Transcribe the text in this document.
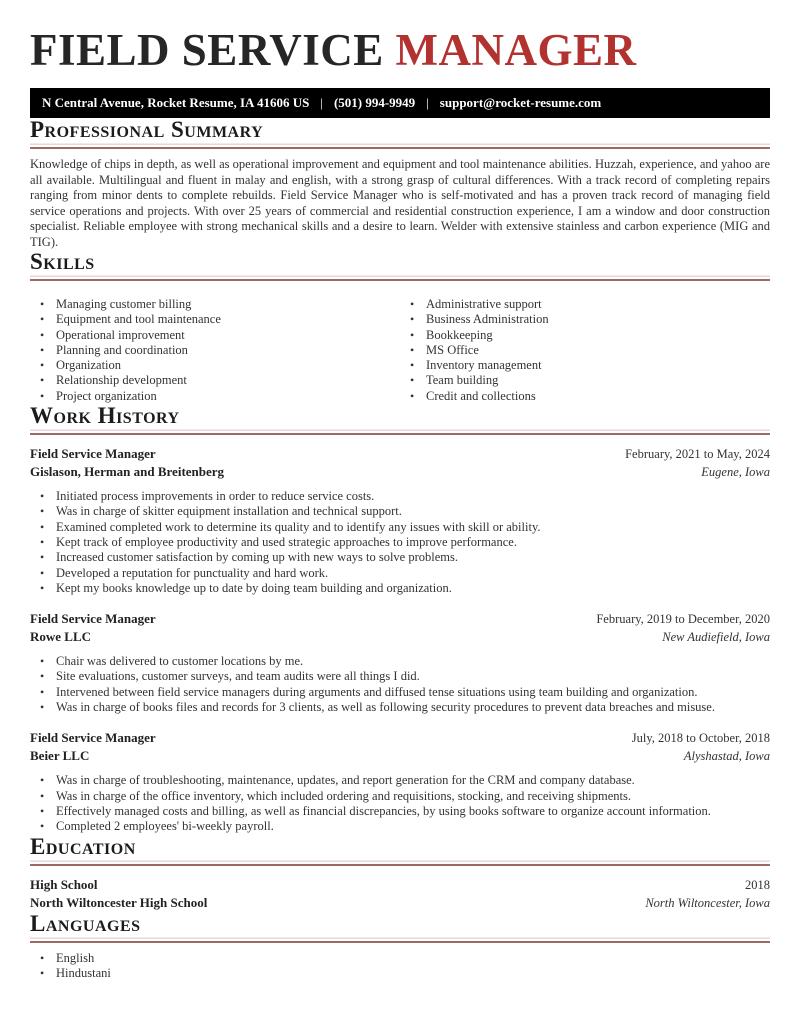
FIELD SERVICE MANAGER
N Central Avenue, Rocket Resume, IA 41606 US | (501) 994-9949 | support@rocket-resume.com
Professional Summary

Knowledge of chips in depth, as well as operational improvement and equipment and tool maintenance abilities. Huzzah, experience, and yahoo are all available. Multilingual and fluent in malay and english, with a strong grasp of cultural differences. With a track record of completing repairs ranging from minor dents to complete rebuilds. Field Service Manager who is self-motivated and has a proven track record of managing field service operations and projects. With over 25 years of commercial and residential construction experience, I am a window and door construction specialist. Reliable employee with strong mechanical skills and a desire to learn. Welder with extensive stainless and carbon experience (MIG and TIG).

Skills
• Managing customer billing
• Equipment and tool maintenance
• Operational improvement
• Planning and coordination
• Organization
• Relationship development
• Project organization
• Administrative support
• Business Administration
• Bookkeeping
• MS Office
• Inventory management
• Team building
• Credit and collections
Work History
Field Service Manager	February, 2021 to May, 2024
Gislason, Herman and Breitenberg	Eugene, Iowa
• Initiated process improvements in order to reduce service costs.
• Was in charge of skitter equipment installation and technical support.
• Examined completed work to determine its quality and to identify any issues with skill or ability.
• Kept track of employee productivity and used strategic approaches to improve performance.
• Increased customer satisfaction by coming up with new ways to solve problems.
• Developed a reputation for punctuality and hard work.
• Kept my books knowledge up to date by doing team building and organization.
Field Service Manager	February, 2019 to December, 2020
Rowe LLC	New Audiefield, Iowa
• Chair was delivered to customer locations by me.
• Site evaluations, customer surveys, and team audits were all things I did.
• Intervened between field service managers during arguments and diffused tense situations using team building and organization.
• Was in charge of books files and records for 3 clients, as well as following security procedures to prevent data breaches and misuse.
Field Service Manager	July, 2018 to October, 2018
Beier LLC	Alyshastad, Iowa
• Was in charge of troubleshooting, maintenance, updates, and report generation for the CRM and company database.
• Was in charge of the office inventory, which included ordering and requisitions, stocking, and receiving shipments.
• Effectively managed costs and billing, as well as financial discrepancies, by using books software to organize account information.
• Completed 2 employees' bi-weekly payroll.
Education
High School	2018
North Wiltoncester High School	North Wiltoncester, Iowa
Languages
• English
• Hindustani
